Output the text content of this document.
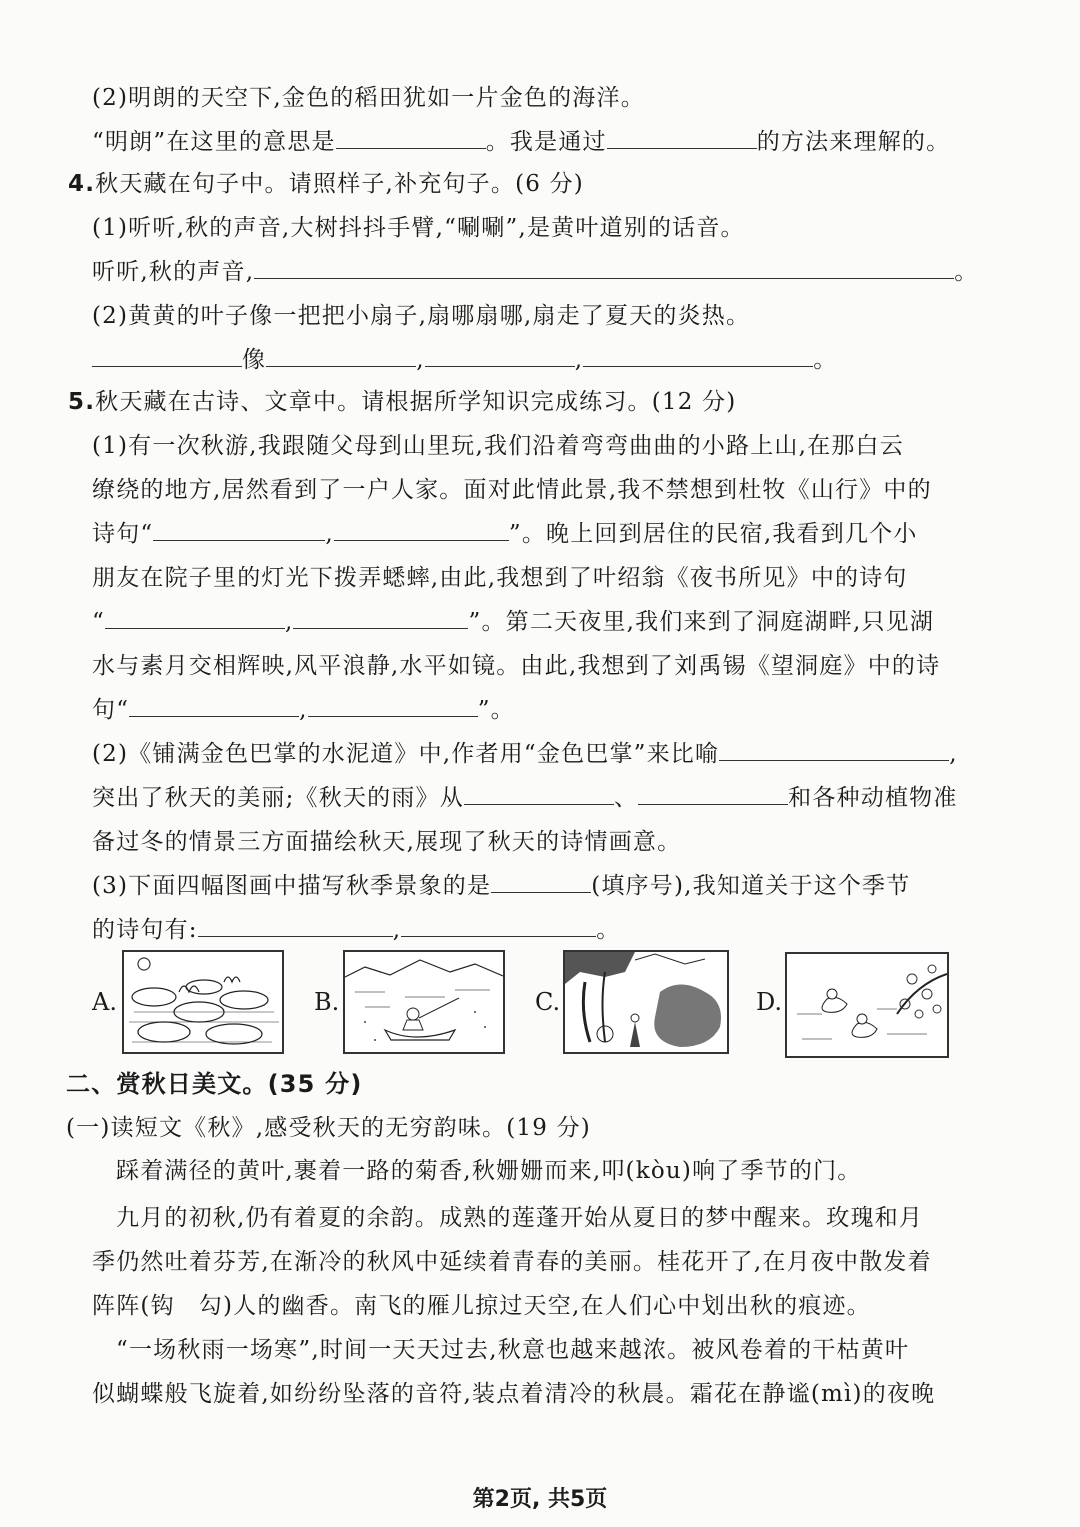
(2)明朗的天空下,金色的稻田犹如一片金色的海洋。
“明朗”在这里的意思是	。我是通过	的方法来理解的。
4.秋天藏在句子中。请照样子,补充句子。(6 分)
(1)听听,秋的声音,大树抖抖手臂,“唰唰”,是黄叶道别的话音。
听听,秋的声音,	。
(2)黄黄的叶子像一把把小扇子,扇哪扇哪,扇走了夏天的炎热。
像	,	,	。
5.秋天藏在古诗、文章中。请根据所学知识完成练习。(12 分)
(1)有一次秋游,我跟随父母到山里玩,我们沿着弯弯曲曲的小路上山,在那白云
缭绕的地方,居然看到了一户人家。面对此情此景,我不禁想到杜牧《山行》中的
诗句“	,	”。晚上回到居住的民宿,我看到几个小
朋友在院子里的灯光下拨弄蟋蟀,由此,我想到了叶绍翁《夜书所见》中的诗句
“	,	”。第二天夜里,我们来到了洞庭湖畔,只见湖
水与素月交相辉映,风平浪静,水平如镜。由此,我想到了刘禹锡《望洞庭》中的诗
句“	,	”。
(2)《铺满金色巴掌的水泥道》中,作者用“金色巴掌”来比喻	,
突出了秋天的美丽;《秋天的雨》从	、	和各种动植物准
备过冬的情景三方面描绘秋天,展现了秋天的诗情画意。
(3)下面四幅图画中描写秋季景象的是	(填序号),我知道关于这个季节
的诗句有:	,	。
A.	B.	C.	D.
二、赏秋日美文。(35 分)
(一)读短文《秋》,感受秋天的无穷韵味。(19 分)
踩着满径的黄叶,裹着一路的菊香,秋姗姗而来,叩(kòu)响了季节的门。
九月的初秋,仍有着夏的余韵。成熟的莲蓬开始从夏日的梦中醒来。玫瑰和月
季仍然吐着芬芳,在渐冷的秋风中延续着青春的美丽。桂花开了,在月夜中散发着
阵阵(钩 勾)人的幽香。南飞的雁儿掠过天空,在人们心中划出秋的痕迹。
“一场秋雨一场寒”,时间一天天过去,秋意也越来越浓。被风卷着的干枯黄叶
似蝴蝶般飞旋着,如纷纷坠落的音符,装点着清冷的秋晨。霜花在静谧(mì)的夜晚
第2页, 共5页
